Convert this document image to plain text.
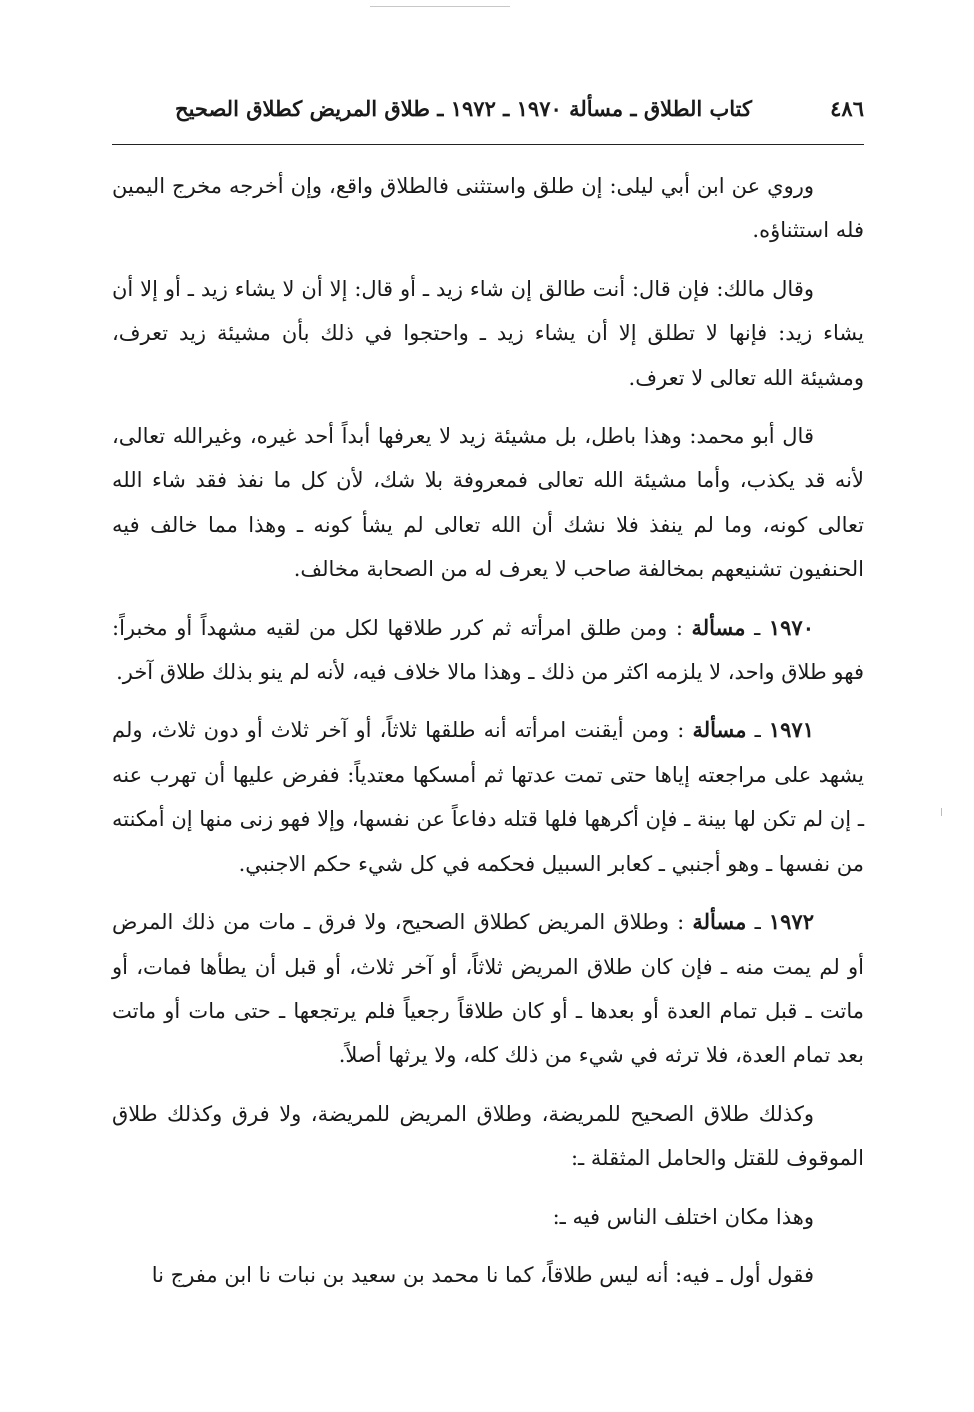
٤٨٦
كتاب الطلاق ـ مسألة ١٩٧٠ ـ ١٩٧٢ ـ طلاق المريض كطلاق الصحيح

وروي عن ابن أبي ليلى: إن طلق واستثنى فالطلاق واقع، وإن أخرجه مخرج اليمين فله استثناؤه.

وقال مالك: فإن قال: أنت طالق إن شاء زيد ـ أو قال: إلا أن لا يشاء زيد ـ أو إلا أن يشاء زيد: فإنها لا تطلق إلا أن يشاء زيد ـ واحتجوا في ذلك بأن مشيئة زيد تعرف، ومشيئة الله تعالى لا تعرف.

قال أبو محمد: وهذا باطل، بل مشيئة زيد لا يعرفها أبداً أحد غيره، وغيرالله تعالى، لأنه قد يكذب، وأما مشيئة الله تعالى فمعروفة بلا شك، لأن كل ما نفذ فقد شاء الله تعالى كونه، وما لم ينفذ فلا نشك أن الله تعالى لم يشأ كونه ـ وهذا مما خالف فيه الحنفيون تشنيعهم بمخالفة صاحب لا يعرف له من الصحابة مخالف.

١٩٧٠ ـ مسألة : ومن طلق امرأته ثم كرر طلاقها لكل من لقيه مشهداً أو مخبراً: فهو طلاق واحد، لا يلزمه اكثر من ذلك ـ وهذا مالا خلاف فيه، لأنه لم ينو بذلك طلاق آخر.

١٩٧١ ـ مسألة : ومن أيقنت امرأته أنه طلقها ثلاثاً، أو آخر ثلاث أو دون ثلاث، ولم يشهد على مراجعته إياها حتى تمت عدتها ثم أمسكها معتدياً: ففرض عليها أن تهرب عنه ـ إن لم تكن لها بينة ـ فإن أكرهها فلها قتله دفاعاً عن نفسها، وإلا فهو زنى منها إن أمكنته من نفسها ـ وهو أجنبي ـ كعابر السبيل فحكمه في كل شيء حكم الاجنبي.

١٩٧٢ ـ مسألة : وطلاق المريض كطلاق الصحيح، ولا فرق ـ مات من ذلك المرض أو لم يمت منه ـ فإن كان طلاق المريض ثلاثاً، أو آخر ثلاث، أو قبل أن يطأها فمات، أو ماتت ـ قبل تمام العدة أو بعدها ـ أو كان طلاقاً رجعياً فلم يرتجعها ـ حتى مات أو ماتت بعد تمام العدة، فلا ترثه في شيء من ذلك كله، ولا يرثها أصلاً.

وكذلك طلاق الصحيح للمريضة، وطلاق المريض للمريضة، ولا فرق وكذلك طلاق الموقوف للقتل والحامل المثقلة ـ:

وهذا مكان اختلف الناس فيه ـ:

فقول أول ـ فيه: أنه ليس طلاقاً، كما نا محمد بن سعيد بن نبات نا ابن مفرج نا
